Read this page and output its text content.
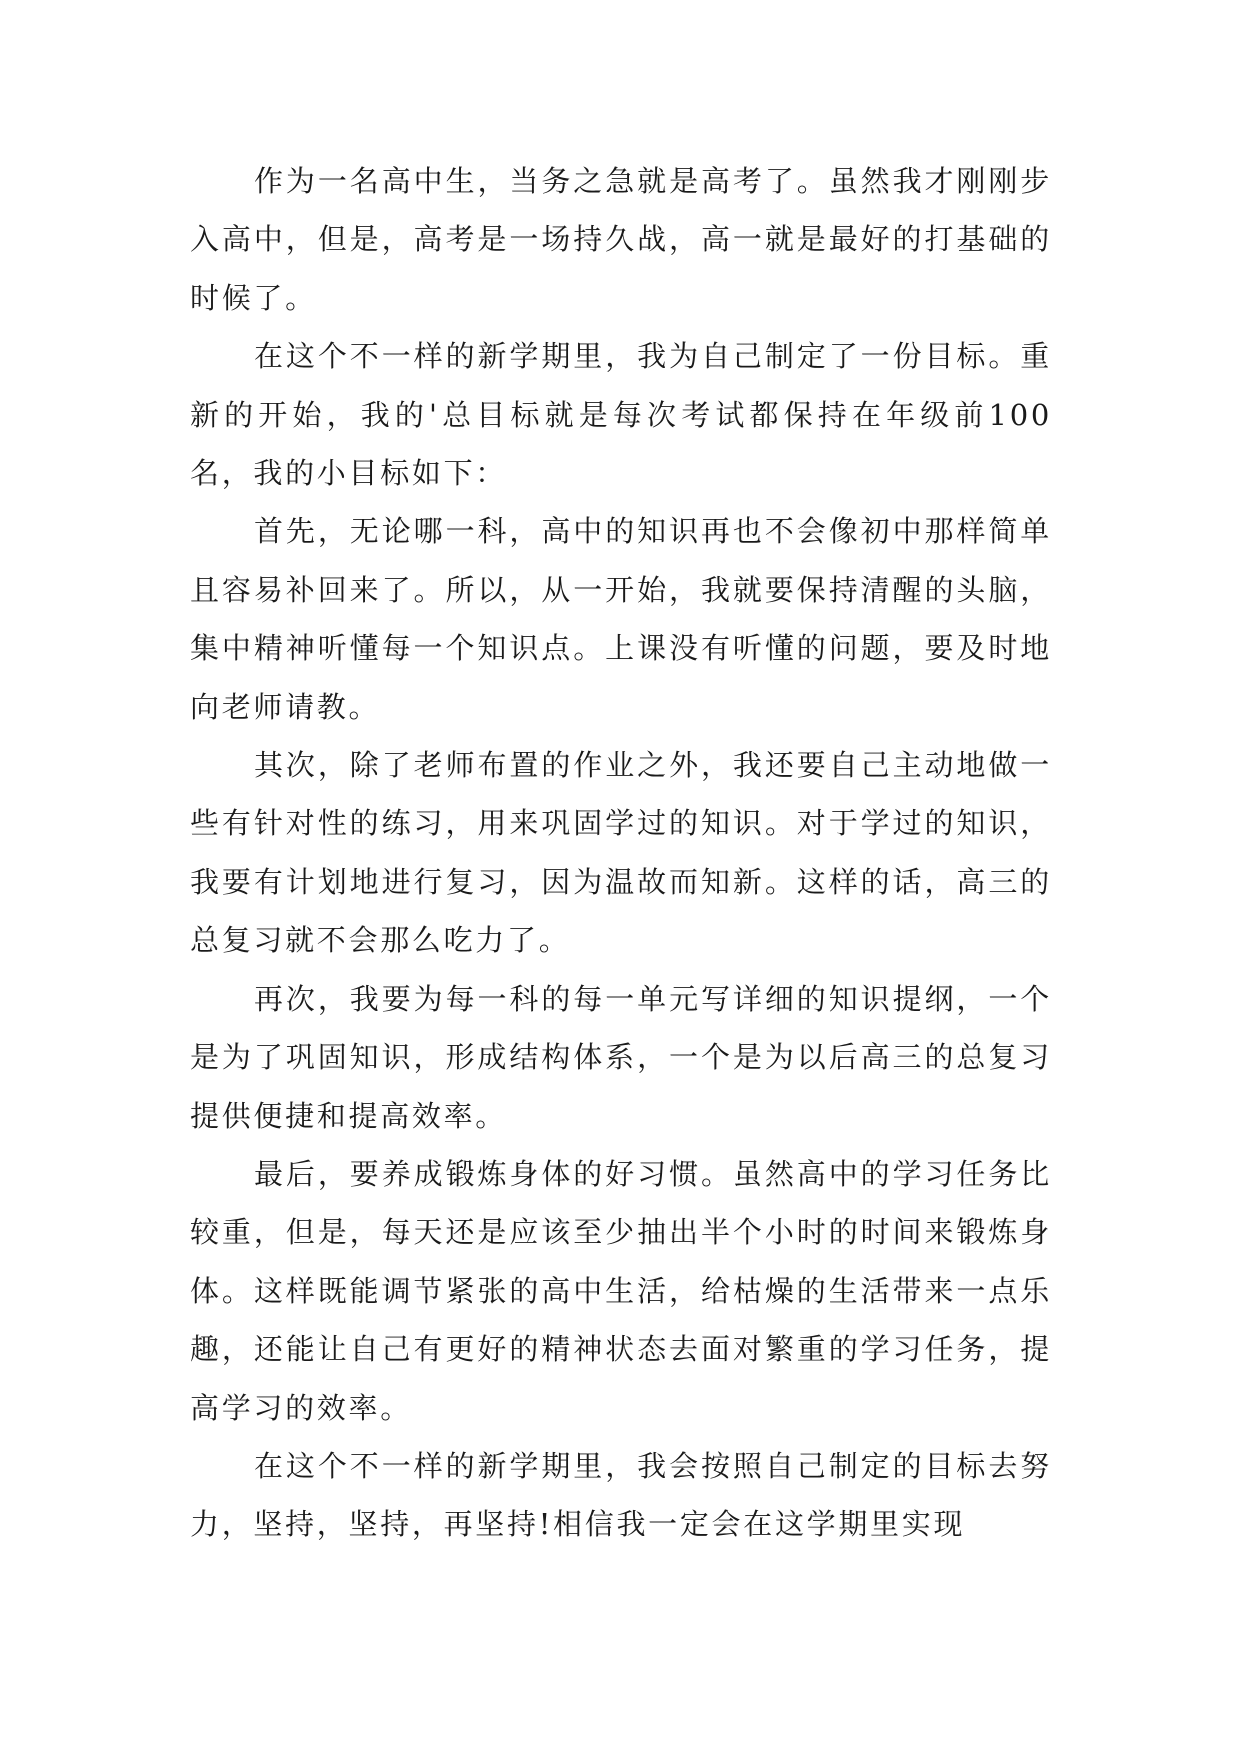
作为一名高中生，当务之急就是高考了。虽然我才刚刚步入高中，但是，高考是一场持久战，高一就是最好的打基础的时候了。

在这个不一样的新学期里，我为自己制定了一份目标。重新的开始，我的'总目标就是每次考试都保持在年级前100名，我的小目标如下：

首先，无论哪一科，高中的知识再也不会像初中那样简单且容易补回来了。所以，从一开始，我就要保持清醒的头脑，集中精神听懂每一个知识点。上课没有听懂的问题，要及时地向老师请教。

其次，除了老师布置的作业之外，我还要自己主动地做一些有针对性的练习，用来巩固学过的知识。对于学过的知识，我要有计划地进行复习，因为温故而知新。这样的话，高三的总复习就不会那么吃力了。

再次，我要为每一科的每一单元写详细的知识提纲，一个是为了巩固知识，形成结构体系，一个是为以后高三的总复习提供便捷和提高效率。

最后，要养成锻炼身体的好习惯。虽然高中的学习任务比较重，但是，每天还是应该至少抽出半个小时的时间来锻炼身体。这样既能调节紧张的高中生活，给枯燥的生活带来一点乐趣，还能让自己有更好的精神状态去面对繁重的学习任务，提高学习的效率。

在这个不一样的新学期里，我会按照自己制定的目标去努力，坚持，坚持，再坚持!相信我一定会在这学期里实现
